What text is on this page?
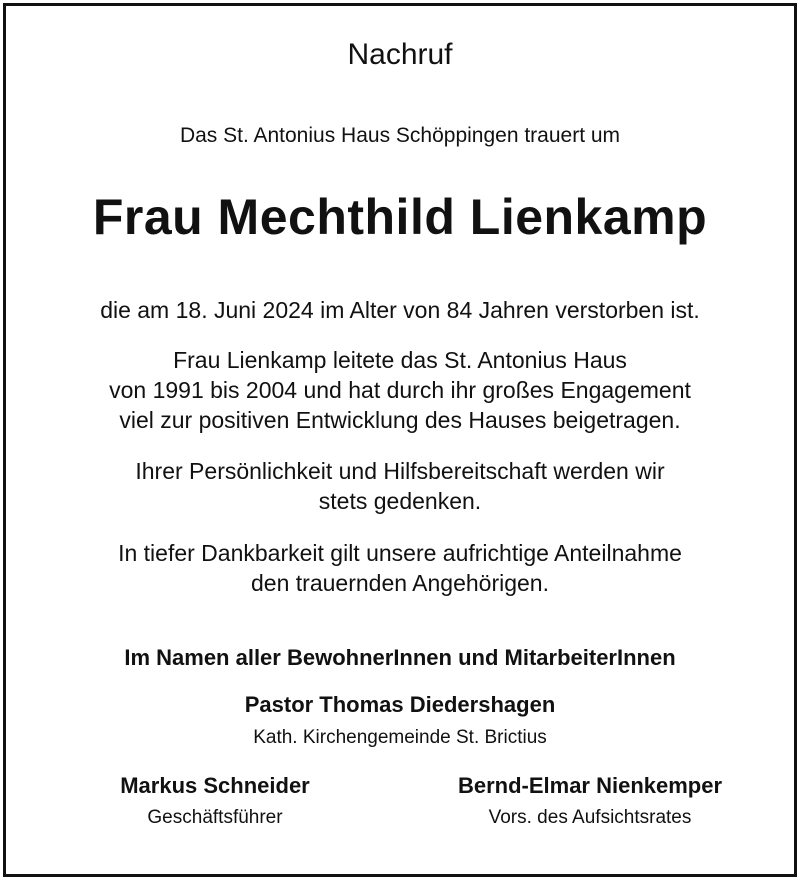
Nachruf
Das St. Antonius Haus Schöppingen trauert um
Frau Mechthild Lienkamp
die am 18. Juni 2024 im Alter von 84 Jahren verstorben ist.
Frau Lienkamp leitete das St. Antonius Haus
von 1991 bis 2004 und hat durch ihr großes Engagement
viel zur positiven Entwicklung des Hauses beigetragen.
Ihrer Persönlichkeit und Hilfsbereitschaft werden wir
stets gedenken.
In tiefer Dankbarkeit gilt unsere aufrichtige Anteilnahme
den trauernden Angehörigen.
Im Namen aller BewohnerInnen und MitarbeiterInnen
Pastor Thomas Diedershagen
Kath. Kirchengemeinde St. Brictius
Markus Schneider
Geschäftsführer
Bernd-Elmar Nienkemper
Vors. des Aufsichtsrates
